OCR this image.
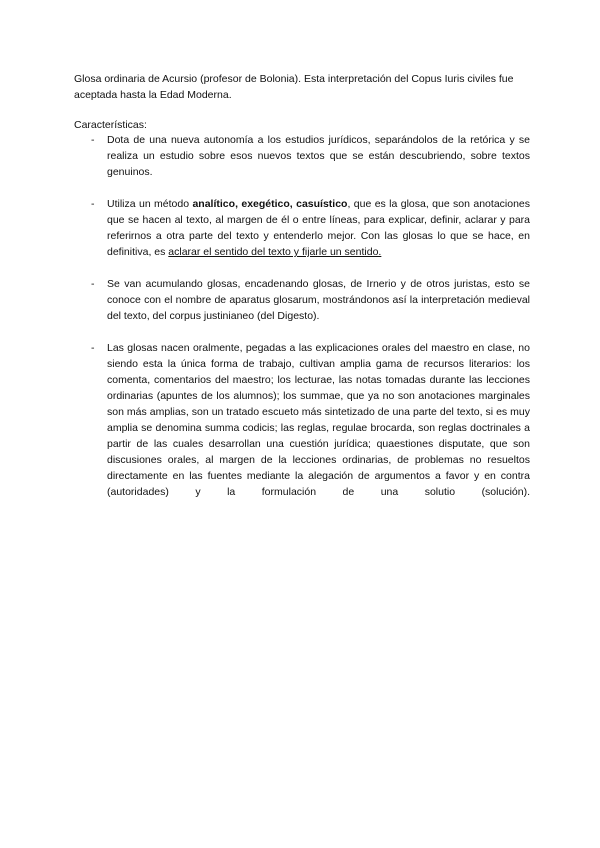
Glosa ordinaria de Acursio (profesor de Bolonia). Esta interpretación del Copus Iuris civiles fue aceptada hasta la Edad Moderna.
Características:
- Dota de una nueva autonomía a los estudios jurídicos, separándolos de la retórica y se realiza un estudio sobre esos nuevos textos que se están descubriendo, sobre textos genuinos.

- Utiliza un método analítico, exegético, casuístico, que es la glosa, que son anotaciones que se hacen al texto, al margen de él o entre líneas, para explicar, definir, aclarar y para referirnos a otra parte del texto y entenderlo mejor. Con las glosas lo que se hace, en definitiva, es aclarar el sentido del texto y fijarle un sentido.

- Se van acumulando glosas, encadenando glosas, de Irnerio y de otros juristas, esto se conoce con el nombre de aparatus glosarum, mostrándonos así la interpretación medieval del texto, del corpus justinianeo (del Digesto).

- Las glosas nacen oralmente, pegadas a las explicaciones orales del maestro en clase, no siendo esta la única forma de trabajo, cultivan amplia gama de recursos literarios: los comenta, comentarios del maestro; los lecturae, las notas tomadas durante las lecciones ordinarias (apuntes de los alumnos); los summae, que ya no son anotaciones marginales son más amplias, son un tratado escueto más sintetizado de una parte del texto, si es muy amplia se denomina summa codicis; las reglas, regulae brocarda, son reglas doctrinales a partir de las cuales desarrollan una cuestión jurídica; quaestiones disputate, que son discusiones orales, al margen de la lecciones ordinarias, de problemas no resueltos directamente en las fuentes mediante la alegación de argumentos a favor y en contra (autoridades) y la formulación de una solutio (solución).
